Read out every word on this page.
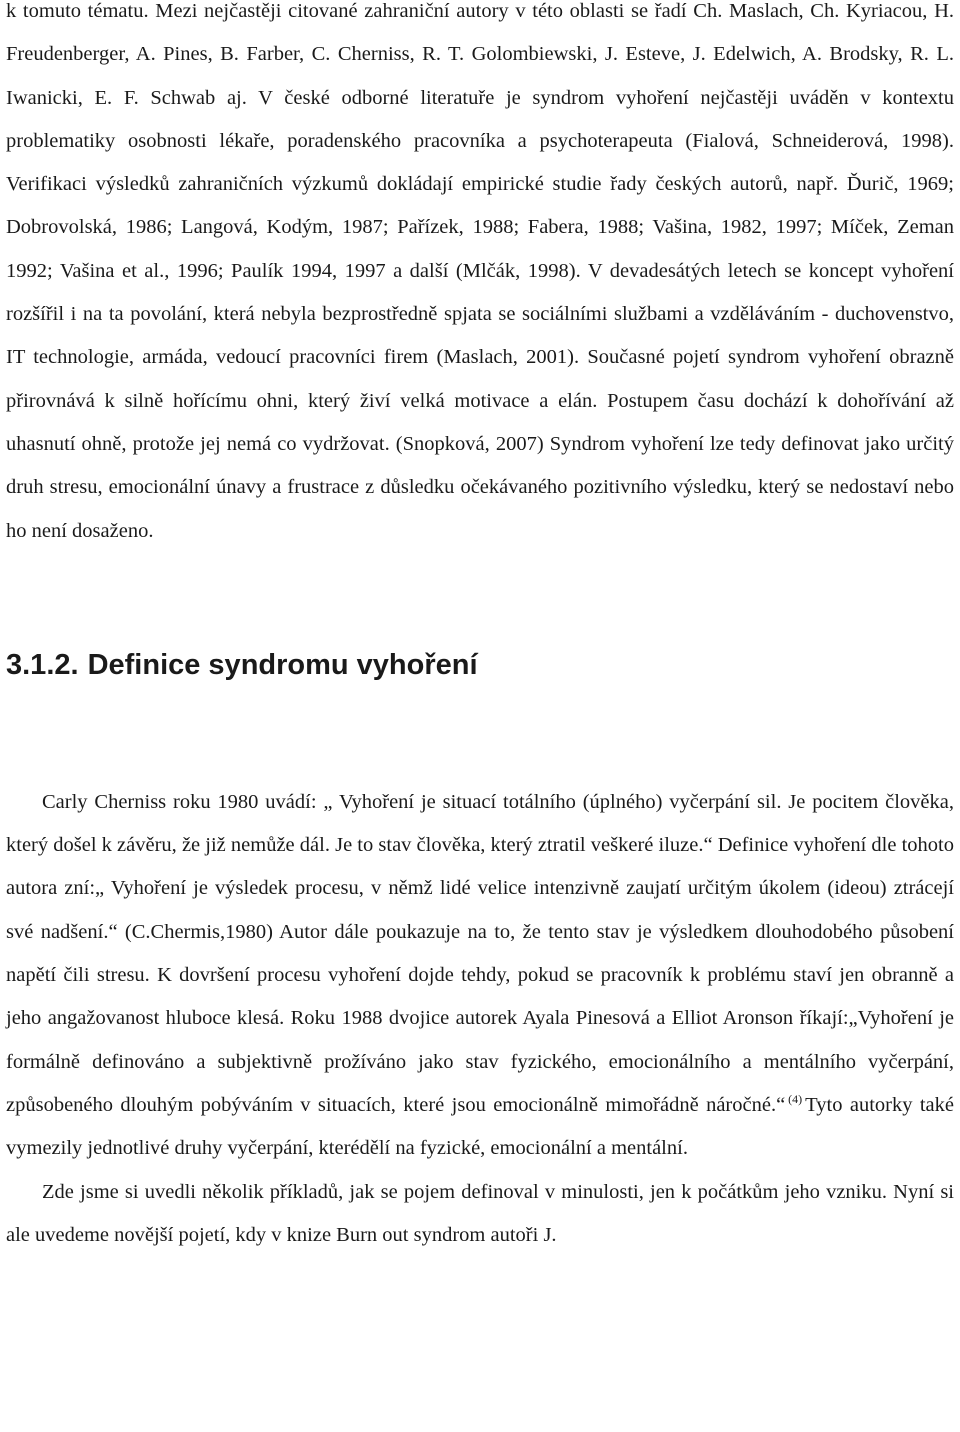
k tomuto tématu. Mezi nejčastěji citované zahraniční autory v této oblasti se řadí Ch. Maslach, Ch. Kyriacou, H. Freudenberger, A. Pines, B. Farber, C. Cherniss, R. T. Golombiewski, J. Esteve, J. Edelwich, A. Brodsky, R. L. Iwanicki, E. F. Schwab aj. V české odborné literatuře je syndrom vyhoření nejčastěji uváděn v kontextu problematiky osobnosti lékaře, poradenského pracovníka a psychoterapeuta (Fialová, Schneiderová, 1998). Verifikaci výsledků zahraničních výzkumů dokládají empirické studie řady českých autorů, např. Ďurič, 1969; Dobrovolská, 1986; Langová, Kodým, 1987; Pařízek, 1988; Fabera, 1988; Vašina, 1982, 1997; Míček, Zeman 1992; Vašina et al., 1996; Paulík 1994, 1997 a další (Mlčák, 1998). V devadesátých letech se koncept vyhoření rozšířil i na ta povolání, která nebyla bezprostředně spjata se sociálními službami a vzděláváním - duchovenstvo, IT technologie, armáda, vedoucí pracovníci firem (Maslach, 2001). Současné pojetí syndrom vyhoření obrazně přirovnává k silně hořícímu ohni, který živí velká motivace a elán. Postupem času dochází k dohořívání až uhasnutí ohně, protože jej nemá co vydržovat. (Snopková, 2007) Syndrom vyhoření lze tedy definovat jako určitý druh stresu, emocionální únavy a frustrace z důsledku očekávaného pozitivního výsledku, který se nedostaví nebo ho není dosaženo.

3.1.2. Definice syndromu vyhoření

Carly Cherniss roku 1980 uvádí: „ Vyhoření je situací totálního (úplného) vyčerpání sil. Je pocitem člověka, který došel k závěru, že již nemůže dál. Je to stav člověka, který ztratil veškeré iluze.“ Definice vyhoření dle tohoto autora zní:„ Vyhoření je výsledek procesu, v němž lidé velice intenzivně zaujatí určitým úkolem (ideou) ztrácejí své nadšení.“ (C.Chermis,1980) Autor dále poukazuje na to, že tento stav je výsledkem dlouhodobého působení napětí čili stresu. K dovršení procesu vyhoření dojde tehdy, pokud se pracovník k problému staví jen obranně a jeho angažovanost hluboce klesá. Roku 1988 dvojice autorek Ayala Pinesová a Elliot Aronson říkají:„Vyhoření je formálně definováno a subjektivně prožíváno jako stav fyzického, emocionálního a mentálního vyčerpání, způsobeného dlouhým pobýváním v situacích, které jsou emocionálně mimořádně náročné.“ $^{(4)}$ Tyto autorky také vymezily jednotlivé druhy vyčerpání, kterédělí na fyzické, emocionální a mentální.

Zde jsme si uvedli několik příkladů, jak se pojem definoval v minulosti, jen k počátkům jeho vzniku. Nyní si ale uvedeme novější pojetí, kdy v knize Burn out syndrom autoři J.
